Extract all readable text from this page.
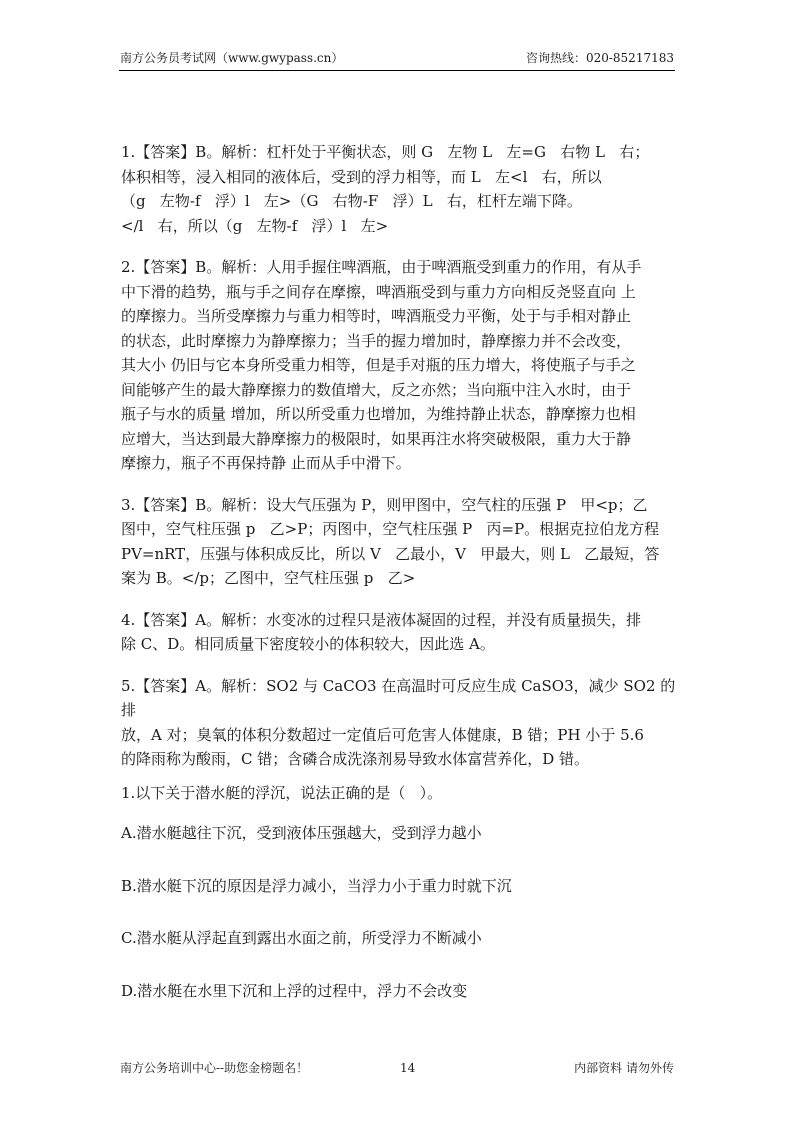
南方公务员考试网（www.gwypass.cn）	咨询热线：020-85217183

1.【答案】B。解析：杠杆处于平衡状态，则 G   左物 L   左=G   右物 L   右；
体积相等，浸入相同的液体后，受到的浮力相等，而 L   左<l   右，所以
（g   左物-f   浮）l   左>（G   右物-F   浮）L   右，杠杆左端下降。
</l   右，所以（g   左物-f   浮）l   左>

2.【答案】B。解析：人用手握住啤酒瓶，由于啤酒瓶受到重力的作用，有从手
中下滑的趋势，瓶与手之间存在摩擦，啤酒瓶受到与重力方向相反尧竖直向 上
的摩擦力。当所受摩擦力与重力相等时，啤酒瓶受力平衡，处于与手相对静止
的状态，此时摩擦力为静摩擦力；当手的握力增加时，静摩擦力并不会改变，
其大小 仍旧与它本身所受重力相等，但是手对瓶的压力增大，将使瓶子与手之
间能够产生的最大静摩擦力的数值增大，反之亦然；当向瓶中注入水时，由于
瓶子与水的质量 增加，所以所受重力也增加，为维持静止状态，静摩擦力也相
应增大，当达到最大静摩擦力的极限时，如果再注水将突破极限，重力大于静
摩擦力，瓶子不再保持静 止而从手中滑下。

3.【答案】B。解析：设大气压强为 P，则甲图中，空气柱的压强 P   甲<p；乙
图中，空气柱压强 p   乙>P；丙图中，空气柱压强 P   丙=P。根据克拉伯龙方程
PV=nRT，压强与体积成反比，所以 V   乙最小，V   甲最大，则 L   乙最短，答
案为 B。</p；乙图中，空气柱压强 p   乙>

4.【答案】A。解析：水变冰的过程只是液体凝固的过程，并没有质量损失，排
除 C、D。相同质量下密度较小的体积较大，因此选 A。

5.【答案】A。解析：SO2 与 CaCO3 在高温时可反应生成 CaSO3，减少 SO2 的排
放，A 对；臭氧的体积分数超过一定值后可危害人体健康，B 错；PH 小于 5.6
的降雨称为酸雨，C 错；含磷合成洗涤剂易导致水体富营养化，D 错。

1.以下关于潜水艇的浮沉，说法正确的是（   ）。

A.潜水艇越往下沉，受到液体压强越大，受到浮力越小

B.潜水艇下沉的原因是浮力减小，当浮力小于重力时就下沉

C.潜水艇从浮起直到露出水面之前，所受浮力不断减小

D.潜水艇在水里下沉和上浮的过程中，浮力不会改变

南方公务培训中心--助您金榜题名！	14	内部资料 请勿外传
